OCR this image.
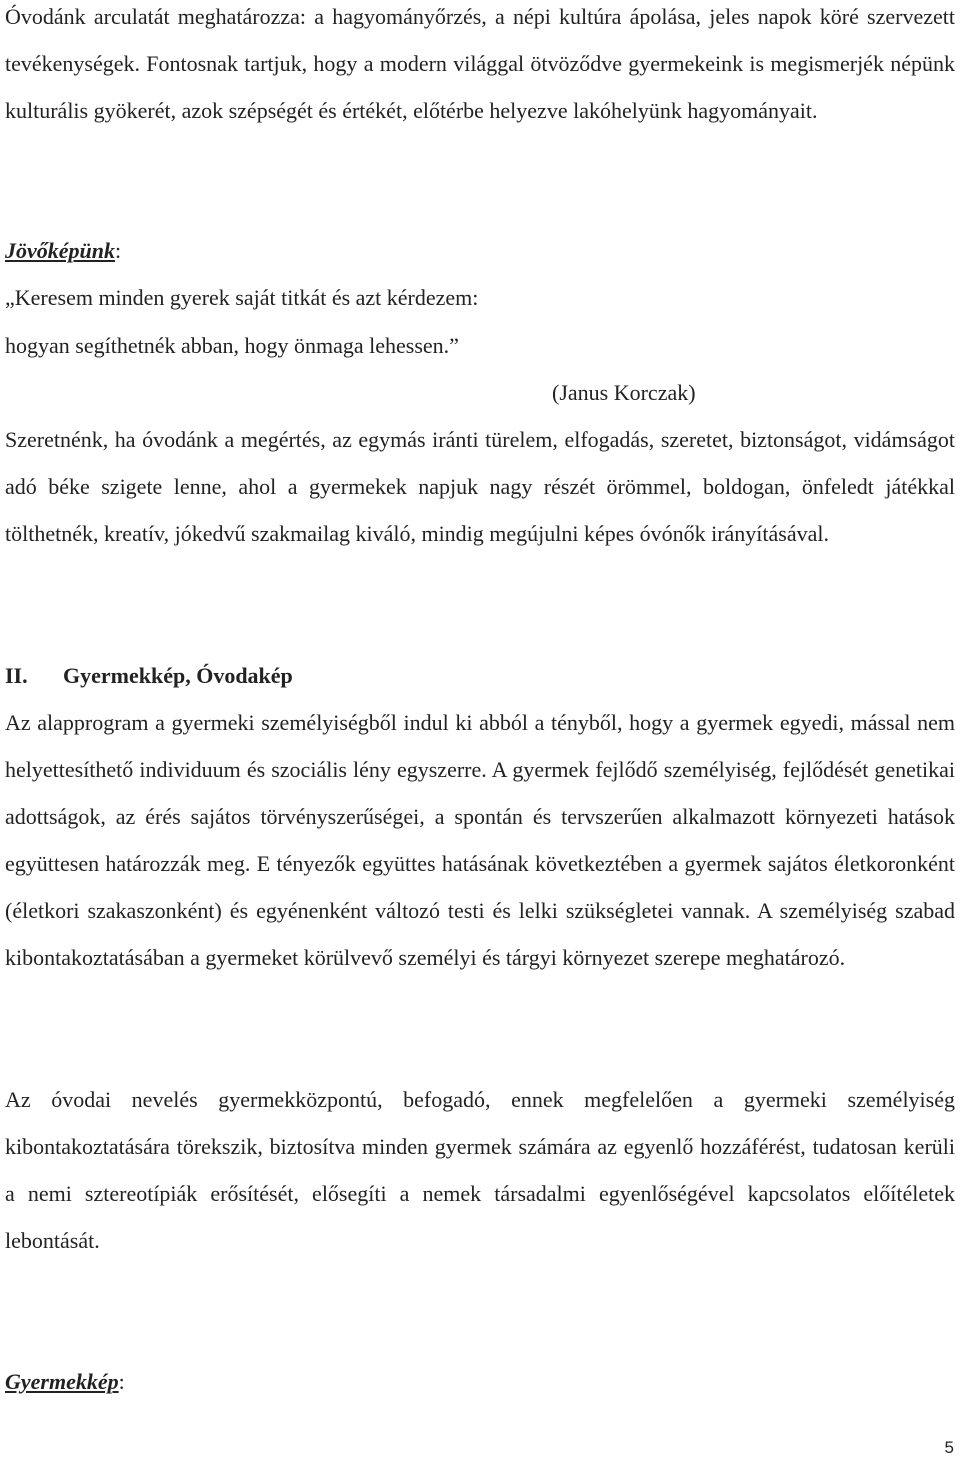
Óvodánk arculatát meghatározza: a hagyományőrzés, a népi kultúra ápolása, jeles napok köré szervezett tevékenységek. Fontosnak tartjuk, hogy a modern világgal ötvöződve gyermekeink is megismerjék népünk kulturális gyökerét, azok szépségét és értékét, előtérbe helyezve lakóhelyünk hagyományait.

Jövőképünk:
„Keresem minden gyerek saját titkát és azt kérdezem:
hogyan segíthetnék abban, hogy önmaga lehessen.”
(Janus Korczak)

Szeretnénk, ha óvodánk a megértés, az egymás iránti türelem, elfogadás, szeretet, biztonságot, vidámságot adó béke szigete lenne, ahol a gyermekek napjuk nagy részét örömmel, boldogan, önfeledt játékkal tölthetnék, kreatív, jókedvű szakmailag kiváló, mindig megújulni képes óvónők irányításával.

II. Gyermekkép, Óvodakép

Az alapprogram a gyermeki személyiségből indul ki abból a tényből, hogy a gyermek egyedi, mással nem helyettesíthető individuum és szociális lény egyszerre. A gyermek fejlődő személyiség, fejlődését genetikai adottságok, az érés sajátos törvényszerűségei, a spontán és tervszerűen alkalmazott környezeti hatások együttesen határozzák meg. E tényezők együttes hatásának következtében a gyermek sajátos életkoronként (életkori szakaszonként) és egyénenként változó testi és lelki szükségletei vannak. A személyiség szabad kibontakoztatásában a gyermeket körülvevő személyi és tárgyi környezet szerepe meghatározó.

Az óvodai nevelés gyermekközpontú, befogadó, ennek megfelelően a gyermeki személyiség kibontakoztatására törekszik, biztosítva minden gyermek számára az egyenlő hozzáférést, tudatosan kerüli a nemi sztereotípiák erősítését, elősegíti a nemek társadalmi egyenlőségével kapcsolatos előítéletek lebontását.

Gyermekkép:
5
